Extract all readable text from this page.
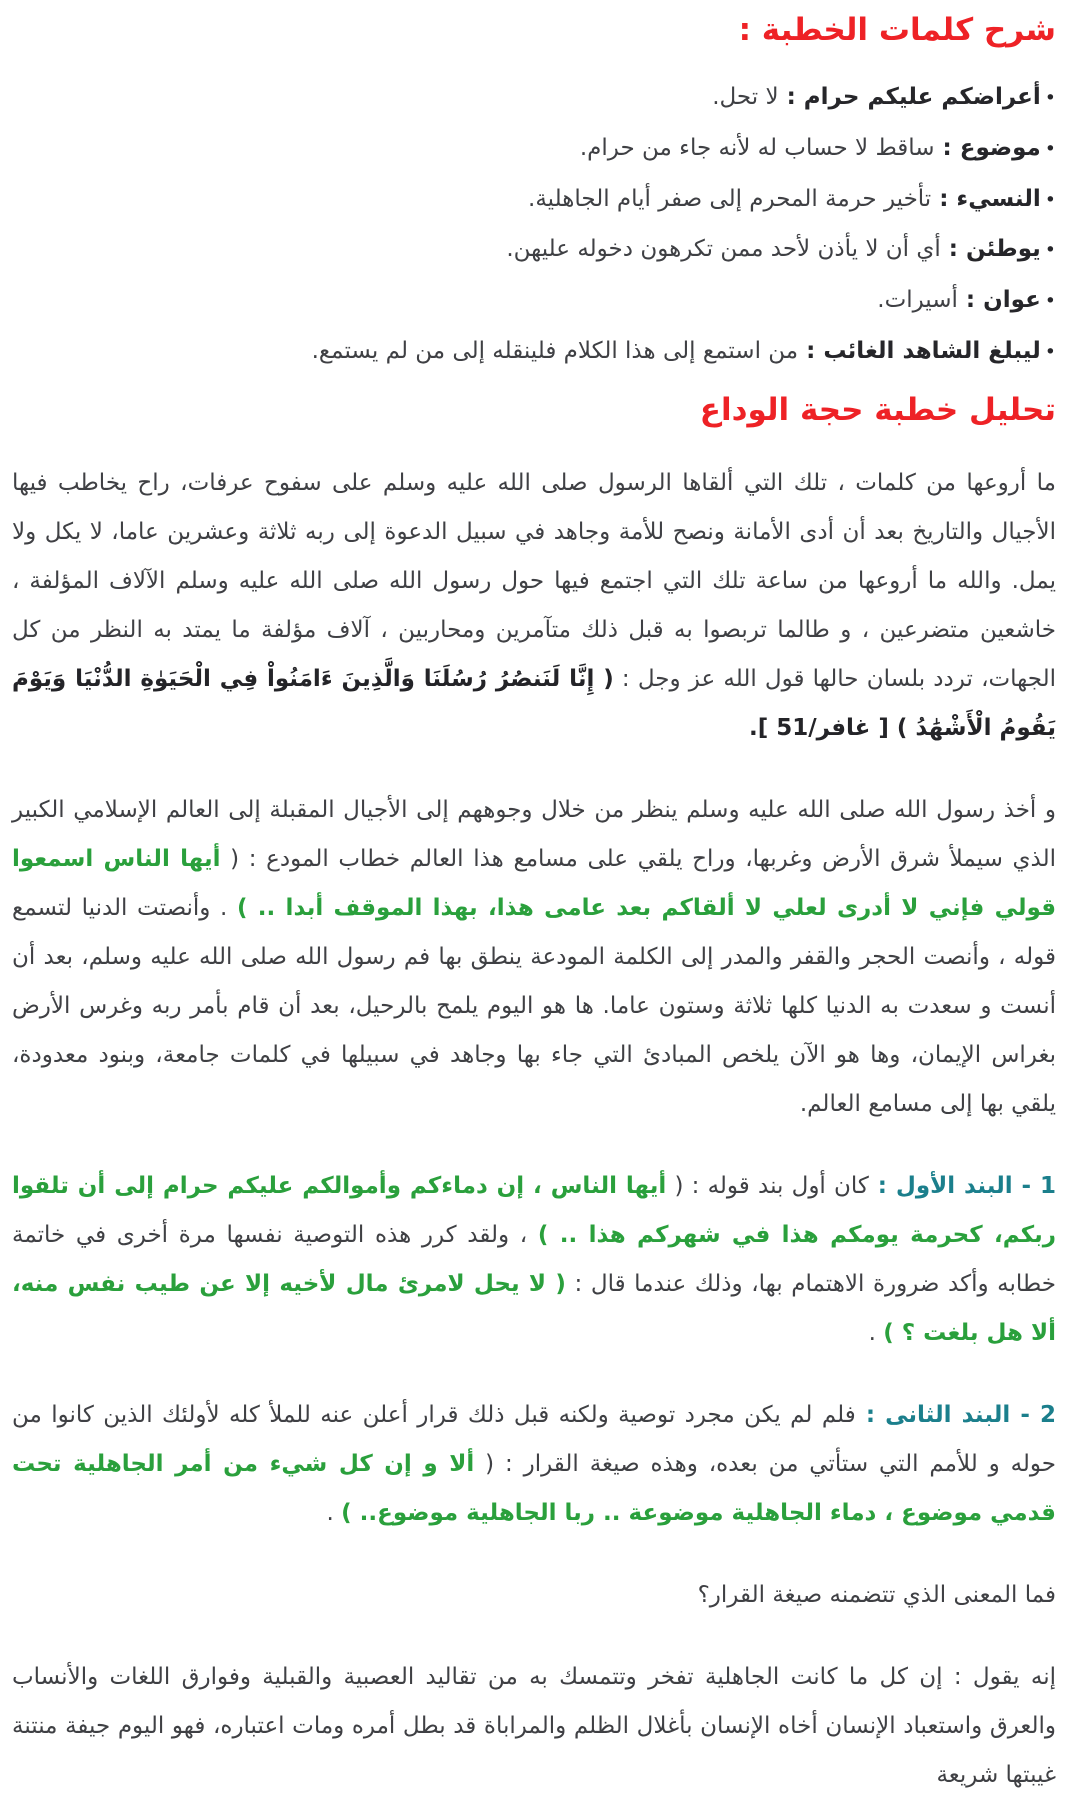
شرح كلمات الخطبة :
•أعراضكم عليكم حرام : لا تحل.
•موضوع : ساقط لا حساب له لأنه جاء من حرام.
•النسيء : تأخير حرمة المحرم إلى صفر أيام الجاهلية.
•يوطئن : أي أن لا يأذن لأحد ممن تكرهون دخوله عليهن.
•عوان : أسيرات.
•ليبلغ الشاهد الغائب : من استمع إلى هذا الكلام فلينقله إلى من لم يستمع.
تحليل خطبة حجة الوداع

ما أروعها من كلمات ، تلك التي ألقاها الرسول صلى الله عليه وسلم على سفوح عرفات، راح يخاطب فيها الأجيال والتاريخ بعد أن أدى الأمانة ونصح للأمة وجاهد في سبيل الدعوة إلى ربه ثلاثة وعشرين عاما، لا يكل ولا يمل. والله ما أروعها من ساعة تلك التي اجتمع فيها حول رسول الله صلى الله عليه وسلم الآلاف المؤلفة ، خاشعين متضرعين ، و طالما تربصوا به قبل ذلك متآمرين ومحاربين ، آلاف مؤلفة ما يمتد به النظر من كل الجهات، تردد بلسان حالها قول الله عز وجل : ( إِنَّا لَنَنصُرُ رُسُلَنَا وَالَّذِينَ ءَامَنُواْ فِي الْحَيَوٰةِ الدُّنْيَا وَيَوْمَ يَقُومُ الْأَشْهَٰدُ ) [ غافر/51 ].

و أخذ رسول الله صلى الله عليه وسلم ينظر من خلال وجوههم إلى الأجيال المقبلة إلى العالم الإسلامي الكبير الذي سيملأ شرق الأرض وغربها، وراح يلقي على مسامع هذا العالم خطاب المودع : ( أيها الناس اسمعوا قولي فإني لا أدرى لعلي لا ألقاكم بعد عامى هذا، بهذا الموقف أبدا .. ) . وأنصتت الدنيا لتسمع قوله ، وأنصت الحجر والقفر والمدر إلى الكلمة المودعة ينطق بها فم رسول الله صلى الله عليه وسلم، بعد أن أنست و سعدت به الدنيا كلها ثلاثة وستون عاما. ها هو اليوم يلمح بالرحيل، بعد أن قام بأمر ربه وغرس الأرض بغراس الإيمان، وها هو الآن يلخص المبادئ التي جاء بها وجاهد في سبيلها في كلمات جامعة، وبنود معدودة، يلقي بها إلى مسامع العالم.

1 - البند الأول : كان أول بند قوله : ( أيها الناس ، إن دماءكم وأموالكم عليكم حرام إلى أن تلقوا ربكم، كحرمة يومكم هذا في شهركم هذا .. ) ، ولقد كرر هذه التوصية نفسها مرة أخرى في خاتمة خطابه وأكد ضرورة الاهتمام بها، وذلك عندما قال : ( لا يحل لامرئ مال لأخيه إلا عن طيب نفس منه، ألا هل بلغت ؟ ) .

2 - البند الثانى : فلم لم يكن مجرد توصية ولكنه قبل ذلك قرار أعلن عنه للملأ كله لأولئك الذين كانوا من حوله و للأمم التي ستأتي من بعده، وهذه صيغة القرار : ( ألا و إن كل شيء من أمر الجاهلية تحت قدمي موضوع ، دماء الجاهلية موضوعة .. ربا الجاهلية موضوع.. ) .

فما المعنى الذي تتضمنه صيغة القرار؟

إنه يقول : إن كل ما كانت الجاهلية تفخر وتتمسك به من تقاليد العصبية والقبلية وفوارق اللغات والأنساب والعرق واستعباد الإنسان أخاه الإنسان بأغلال الظلم والمراباة قد بطل أمره ومات اعتباره، فهو اليوم جيفة منتنة غيبتها شريعة
